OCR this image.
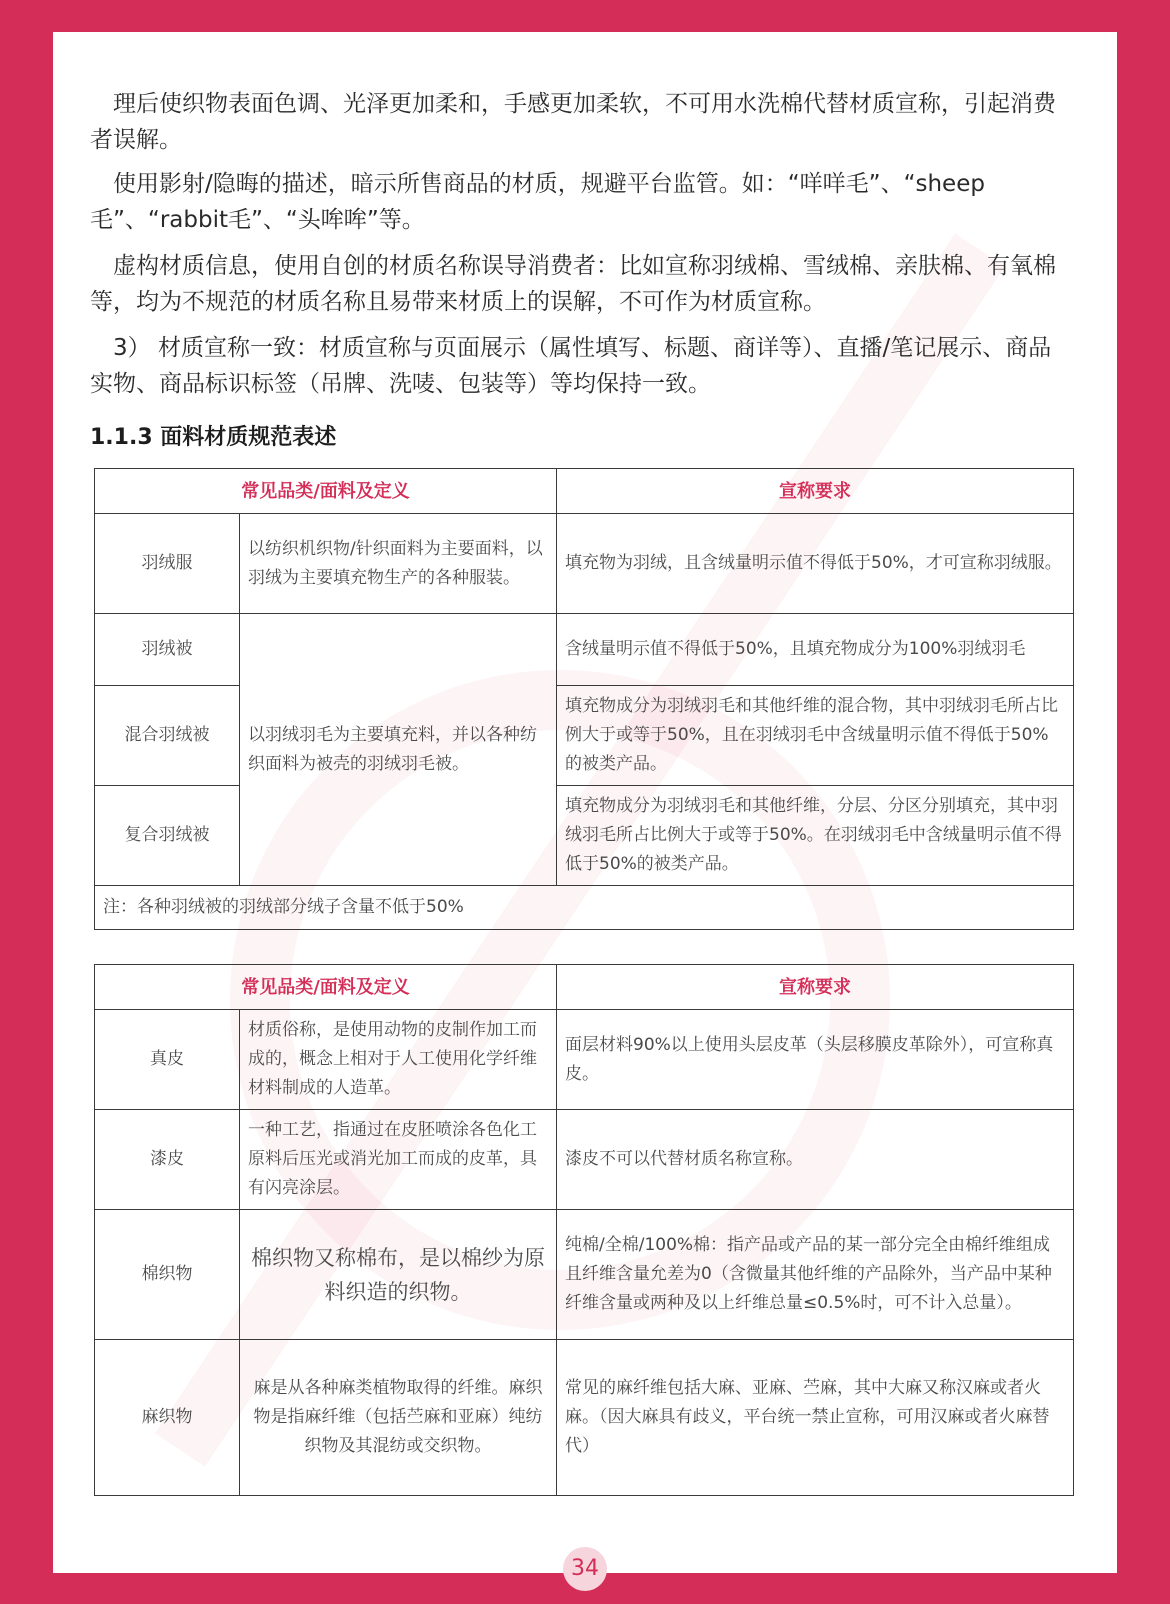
理后使织物表面色调、光泽更加柔和，手感更加柔软，不可用水洗棉代替材质宣称，引起消费者误解。

使用影射/隐晦的描述，暗示所售商品的材质，规避平台监管。如：“咩咩毛”、“sheep毛”、“rabbit毛”、“头哞哞”等。

虚构材质信息，使用自创的材质名称误导消费者：比如宣称羽绒棉、雪绒棉、亲肤棉、有氧棉等，均为不规范的材质名称且易带来材质上的误解，不可作为材质宣称。

3） 材质宣称一致：材质宣称与页面展示（属性填写、标题、商详等）、直播/笔记展示、商品实物、商品标识标签（吊牌、洗唛、包装等）等均保持一致。

1.1.3 面料材质规范表述
常见品类/面料及定义		宣称要求
羽绒服	以纺织机织物/针织面料为主要面料，以羽绒为主要填充物生产的各种服装。	填充物为羽绒，且含绒量明示值不得低于50%，才可宣称羽绒服。
羽绒被	以羽绒羽毛为主要填充料，并以各种纺织面料为被壳的羽绒羽毛被。	含绒量明示值不得低于50%，且填充物成分为100%羽绒羽毛
混合羽绒被		填充物成分为羽绒羽毛和其他纤维的混合物，其中羽绒羽毛所占比例大于或等于50%，且在羽绒羽毛中含绒量明示值不得低于50%的被类产品。
复合羽绒被		填充物成分为羽绒羽毛和其他纤维，分层、分区分别填充，其中羽绒羽毛所占比例大于或等于50%。在羽绒羽毛中含绒量明示值不得低于50%的被类产品。
注：各种羽绒被的羽绒部分绒子含量不低于50%		
常见品类/面料及定义		宣称要求
真皮	材质俗称，是使用动物的皮制作加工而成的，概念上相对于人工使用化学纤维材料制成的人造革。	面层材料90%以上使用头层皮革（头层移膜皮革除外），可宣称真皮。
漆皮	一种工艺，指通过在皮胚喷涂各色化工原料后压光或消光加工而成的皮革，具有闪亮涂层。	漆皮不可以代替材质名称宣称。
棉织物	棉织物又称棉布，是以棉纱为原料织造的织物。	纯棉/全棉/100%棉：指产品或产品的某一部分完全由棉纤维组成且纤维含量允差为0（含微量其他纤维的产品除外，当产品中某种纤维含量或两种及以上纤维总量≤0.5%时，可不计入总量）。
麻织物	麻是从各种麻类植物取得的纤维。麻织物是指麻纤维（包括苎麻和亚麻）纯纺织物及其混纺或交织物。	常见的麻纤维包括大麻、亚麻、苎麻，其中大麻又称汉麻或者火麻。（因大麻具有歧义，平台统一禁止宣称，可用汉麻或者火麻替代）
34
